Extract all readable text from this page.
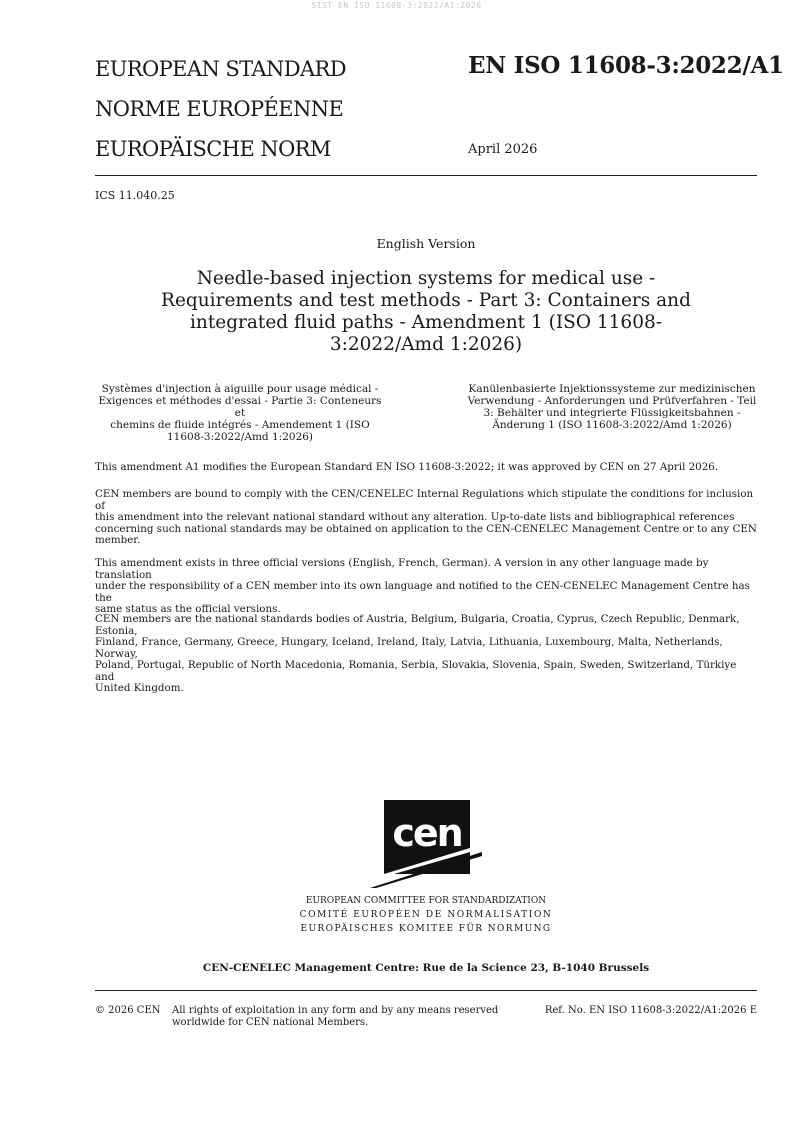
SIST EN ISO 11608-3:2022/A1:2026
EUROPEAN STANDARD
NORME EUROPÉENNE
EUROPÄISCHE NORM
EN ISO 11608-3:2022/A1
April 2026
ICS 11.040.25
English Version
Needle-based injection systems for medical use -
Requirements and test methods - Part 3: Containers and
integrated fluid paths - Amendment 1 (ISO 11608-
3:2022/Amd 1:2026)
Systèmes d'injection à aiguille pour usage médical -
Exigences et méthodes d'essai - Partie 3: Conteneurs et
chemins de fluide intégrés - Amendement 1 (ISO
11608-3:2022/Amd 1:2026)
Kanülenbasierte Injektionssysteme zur medizinischen
Verwendung - Anforderungen und Prüfverfahren - Teil
3: Behälter und integrierte Flüssigkeitsbahnen -
Änderung 1 (ISO 11608-3:2022/Amd 1:2026)

This amendment A1 modifies the European Standard EN ISO 11608-3:2022; it was approved by CEN on 27 April 2026.

CEN members are bound to comply with the CEN/CENELEC Internal Regulations which stipulate the conditions for inclusion of

this amendment into the relevant national standard without any alteration. Up-to-date lists and bibliographical references

concerning such national standards may be obtained on application to the CEN-CENELEC Management Centre or to any CEN

member.

This amendment exists in three official versions (English, French, German). A version in any other language made by translation

under the responsibility of a CEN member into its own language and notified to the CEN-CENELEC Management Centre has the

same status as the official versions.

CEN members are the national standards bodies of Austria, Belgium, Bulgaria, Croatia, Cyprus, Czech Republic, Denmark, Estonia,

Finland, France, Germany, Greece, Hungary, Iceland, Ireland, Italy, Latvia, Lithuania, Luxembourg, Malta, Netherlands, Norway,

Poland, Portugal, Republic of North Macedonia, Romania, Serbia, Slovakia, Slovenia, Spain, Sweden, Switzerland, Türkiye and

United Kingdom.

cen
EUROPEAN COMMITTEE FOR STANDARDIZATION
COMITÉ EUROPÉEN DE NORMALISATION
EUROPÄISCHES KOMITEE FÜR NORMUNG
CEN-CENELEC Management Centre: Rue de la Science 23, B-1040 Brussels
© 2026 CEN All rights of exploitation in any form and by any means reserved
worldwide for CEN national Members.
Ref. No. EN ISO 11608-3:2022/A1:2026 E
